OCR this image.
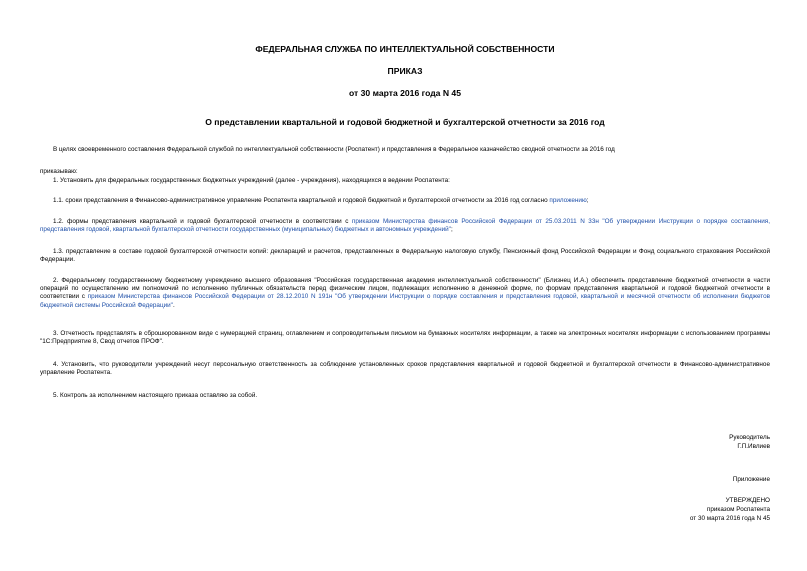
ФЕДЕРАЛЬНАЯ СЛУЖБА ПО ИНТЕЛЛЕКТУАЛЬНОЙ СОБСТВЕННОСТИ
ПРИКАЗ
от 30 марта 2016 года N 45
О представлении квартальной и годовой бюджетной и бухгалтерской отчетности за 2016 год
В целях своевременного составления Федеральной службой по интеллектуальной собственности (Роспатент) и представления в Федеральное казначейство сводной отчетности за 2016 год
приказываю:
1. Установить для федеральных государственных бюджетных учреждений (далее - учреждения), находящихся в ведении Роспатента:
1.1. сроки представления в Финансово-административное управление Роспатента квартальной и годовой бюджетной и бухгалтерской отчетности за 2016 год согласно приложению;
1.2. формы представления квартальной и годовой бухгалтерской отчетности в соответствии с приказом Министерства финансов Российской Федерации от 25.03.2011 N 33н "Об утверждении Инструкции о порядке составления, представления годовой, квартальной бухгалтерской отчетности государственных (муниципальных) бюджетных и автономных учреждений";
1.3. представление в составе годовой бухгалтерской отчетности копий: деклараций и расчетов, представленных в Федеральную налоговую службу, Пенсионный фонд Российской Федерации и Фонд социального страхования Российской Федерации.
2. Федеральному государственному бюджетному учреждению высшего образования "Российская государственная академия интеллектуальной собственности" (Близнец И.А.) обеспечить представление бюджетной отчетности в части операций по осуществлению им полномочий по исполнению публичных обязательств перед физическим лицом, подлежащих исполнению в денежной форме, по формам представления квартальной и годовой бюджетной отчетности в соответствии с приказом Министерства финансов Российской Федерации от 28.12.2010 N 191н "Об утверждении Инструкции о порядке составления и представления годовой, квартальной и месячной отчетности об исполнении бюджетов бюджетной системы Российской Федерации".
3. Отчетность представлять в сброшюрованном виде с нумерацией страниц, оглавлением и сопроводительным письмом на бумажных носителях информации, а также на электронных носителях информации с использованием программы "1С:Предприятие 8, Свод отчетов ПРОФ".
4. Установить, что руководители учреждений несут персональную ответственность за соблюдение установленных сроков представления квартальной и годовой бюджетной и бухгалтерской отчетности в Финансово-административное управление Роспатента.
5. Контроль за исполнением настоящего приказа оставляю за собой.
Руководитель
Г.П.Ивлиев
Приложение
УТВЕРЖДЕНО
приказом Роспатента
от 30 марта 2016 года N 45
